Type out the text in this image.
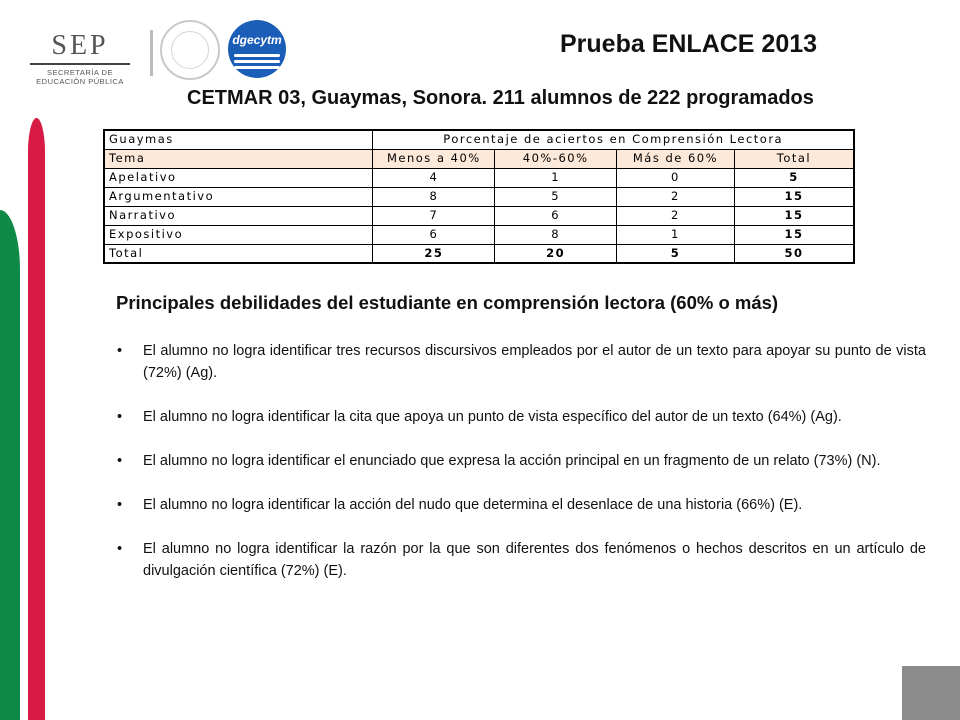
SEP
SECRETARÍA DE
EDUCACIÓN PÚBLICA
dgecytm	Prueba ENLACE 2013
CETMAR 03, Guaymas, Sonora. 211 alumnos de 222 programados
Guaymas	Porcentaje de aciertos en Comprensión Lectora			
Tema	Menos a 40%	40%-60%	Más de 60%	Total
Apelativo	4	1	0	5
Argumentativo	8	5	2	15
Narrativo	7	6	2	15
Expositivo	6	8	1	15
Total	25	20	5	50
Principales debilidades del estudiante en comprensión lectora (60% o más)
• El alumno no logra identificar tres recursos discursivos empleados por el autor de un texto para apoyar su punto de vista (72%) (Ag).
• El alumno no logra identificar la cita que apoya un punto de vista específico del autor de un texto (64%) (Ag).
• El alumno no logra identificar el enunciado que expresa la acción principal en un fragmento de un relato (73%) (N).
• El alumno no logra identificar la acción del nudo que determina el desenlace de una historia (66%) (E).
• El alumno no logra identificar la razón por la que son diferentes dos fenómenos o hechos descritos en un artículo de divulgación científica (72%) (E).
